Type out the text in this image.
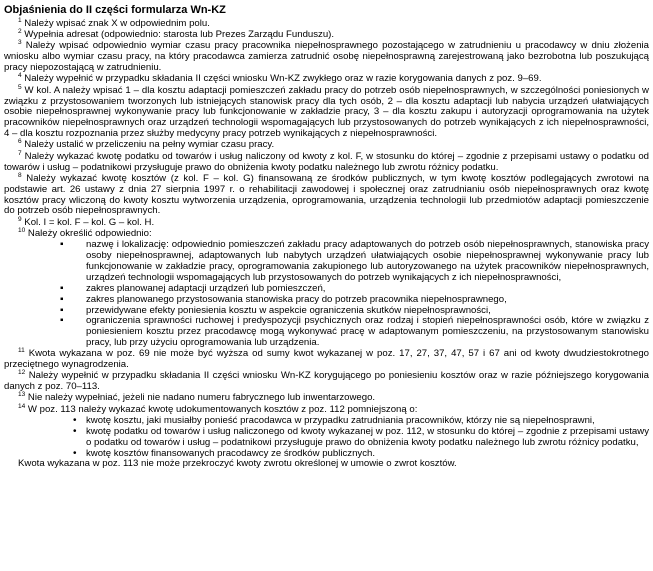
Objaśnienia do II części formularza Wn-KZ
$^1$ Należy wpisać znak X w odpowiednim polu.
$^2$ Wypełnia adresat (odpowiednio: starosta lub Prezes Zarządu Funduszu).
$^3$ Należy wpisać odpowiednio wymiar czasu pracy pracownika niepełnosprawnego pozostającego w zatrudnieniu u pracodawcy w dniu złożenia wniosku albo wymiar czasu pracy, na który pracodawca zamierza zatrudnić osobę niepełnosprawną zarejestrowaną jako bezrobotna lub poszukującą pracy niepozostającą w zatrudnieniu.
$^4$ Należy wypełnić w przypadku składania II części wniosku Wn-KZ zwykłego oraz w razie korygowania danych z poz. 9–69.
$^5$ W kol. A należy wpisać 1 – dla kosztu adaptacji pomieszczeń zakładu pracy do potrzeb osób niepełnosprawnych, w szczególności poniesionych w związku z przystosowaniem tworzonych lub istniejących stanowisk pracy dla tych osób, 2 – dla kosztu adaptacji lub nabycia urządzeń ułatwiających osobie niepełnosprawnej wykonywanie pracy lub funkcjonowanie w zakładzie pracy, 3 – dla kosztu zakupu i autoryzacji oprogramowania na użytek pracowników niepełnosprawnych oraz urządzeń technologii wspomagających lub przystosowanych do potrzeb wynikających z ich niepełnosprawności, 4 – dla kosztu rozpoznania przez służby medycyny pracy potrzeb wynikających z niepełnosprawności.
$^6$ Należy ustalić w przeliczeniu na pełny wymiar czasu pracy.
$^7$ Należy wykazać kwotę podatku od towarów i usług naliczony od kwoty z kol. F, w stosunku do której – zgodnie z przepisami ustawy o podatku od towarów i usług – podatnikowi przysługuje prawo do obniżenia kwoty podatku należnego lub zwrotu różnicy podatku.
$^8$ Należy wykazać kwotę kosztów (z kol. F – kol. G) finansowaną ze środków publicznych, w tym kwotę kosztów podlegających zwrotowi na podstawie art. 26 ustawy z dnia 27 sierpnia 1997 r. o rehabilitacji zawodowej i społecznej oraz zatrudnianiu osób niepełnosprawnych oraz kwotę kosztów pracy wliczoną do kwoty kosztu wytworzenia urządzenia, oprogramowania, urządzenia technologii lub przedmiotów adaptacji pomieszczenie do potrzeb osób niepełnosprawnych.
$^9$ Kol. I = kol. F – kol. G – kol. H.
$^{10}$ Należy określić odpowiednio:
▪ nazwę i lokalizację: odpowiednio pomieszczeń zakładu pracy adaptowanych do potrzeb osób niepełnosprawnych, stanowiska pracy osoby niepełnosprawnej, adaptowanych lub nabytych urządzeń ułatwiających osobie niepełnosprawnej wykonywanie pracy lub funkcjonowanie w zakładzie pracy, oprogramowania zakupionego lub autoryzowanego na użytek pracowników niepełnosprawnych, urządzeń technologii wspomagających lub przystosowanych do potrzeb wynikających z ich niepełnosprawności,
▪ zakres planowanej adaptacji urządzeń lub pomieszczeń,
▪ zakres planowanego przystosowania stanowiska pracy do potrzeb pracownika niepełnosprawnego,
▪ przewidywane efekty poniesienia kosztu w aspekcie ograniczenia skutków niepełnosprawności,
▪ ograniczenia sprawności ruchowej i predyspozycji psychicznych oraz rodzaj i stopień niepełnosprawności osób, które w związku z poniesieniem kosztu przez pracodawcę mogą wykonywać pracę w adaptowanym pomieszczeniu, na przystosowanym stanowisku pracy, lub przy użyciu oprogramowania lub urządzenia.
$^{11}$ Kwota wykazana w poz. 69 nie może być wyższa od sumy kwot wykazanej w poz. 17, 27, 37, 47, 57 i 67 ani od kwoty dwudziestokrotnego przeciętnego wynagrodzenia.
$^{12}$ Należy wypełnić w przypadku składania II części wniosku Wn-KZ korygującego po poniesieniu kosztów oraz w razie późniejszego korygowania danych z poz. 70–113.
$^{13}$ Nie należy wypełniać, jeżeli nie nadano numeru fabrycznego lub inwentarzowego.
$^{14}$ W poz. 113 należy wykazać kwotę udokumentowanych kosztów z poz. 112 pomniejszoną o:
• kwotę kosztu, jaki musiałby ponieść pracodawca w przypadku zatrudniania pracowników, którzy nie są niepełnosprawni,
• kwotę podatku od towarów i usług naliczonego od kwoty wykazanej w poz. 112, w stosunku do której – zgodnie z przepisami ustawy o podatku od towarów i usług – podatnikowi przysługuje prawo do obniżenia kwoty podatku należnego lub zwrotu różnicy podatku,
• kwotę kosztów finansowanych pracodawcy ze środków publicznych.
Kwota wykazana w poz. 113 nie może przekroczyć kwoty zwrotu określonej w umowie o zwrot kosztów.
